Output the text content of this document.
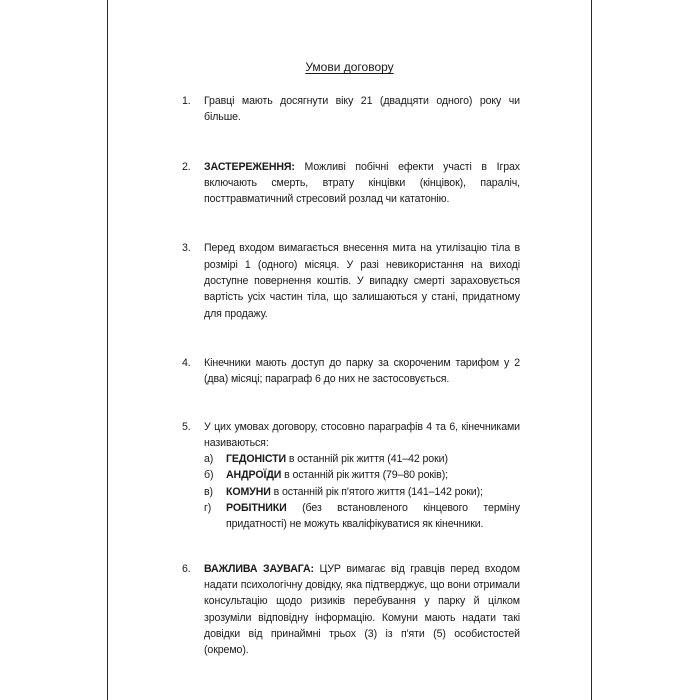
Умови договору
1. Гравці мають досягнути віку 21 (двадцяти одного) року чи більше.
2. ЗАСТЕРЕЖЕННЯ: Можливі побічні ефекти участі в Іграх включають смерть, втрату кінцівки (кінцівок), параліч, посттравматичний стресовий розлад чи кататонію.
3. Перед входом вимагається внесення мита на утилізацію тіла в розмірі 1 (одного) місяця. У разі невикористання на виході доступне повернення коштів. У випадку смерті зараховується вартість усіх частин тіла, що залишаються у стані, придатному для продажу.
4. Кінечники мають доступ до парку за скороченим тарифом у 2 (два) місяці; параграф 6 до них не застосовується.
5. У цих умовах договору, стосовно параграфів 4 та 6, кінечниками називаються:
а) ГЕДОНІСТИ в останній рік життя (41–42 роки)
б) АНДРОЇДИ в останній рік життя (79–80 років);
в) КОМУНИ в останній рік п'ятого життя (141–142 роки);
г) РОБІТНИКИ (без встановленого кінцевого терміну придатності) не можуть кваліфікуватися як кінечники.
6. ВАЖЛИВА ЗАУВАГА: ЦУР вимагає від гравців перед входом надати психологічну довідку, яка підтверджує, що вони отримали консультацію щодо ризиків перебування у парку й цілком зрозуміли відповідну інформацію. Комуни мають надати такі довідки від принаймні трьох (3) із п'яти (5) особистостей (окремо).
